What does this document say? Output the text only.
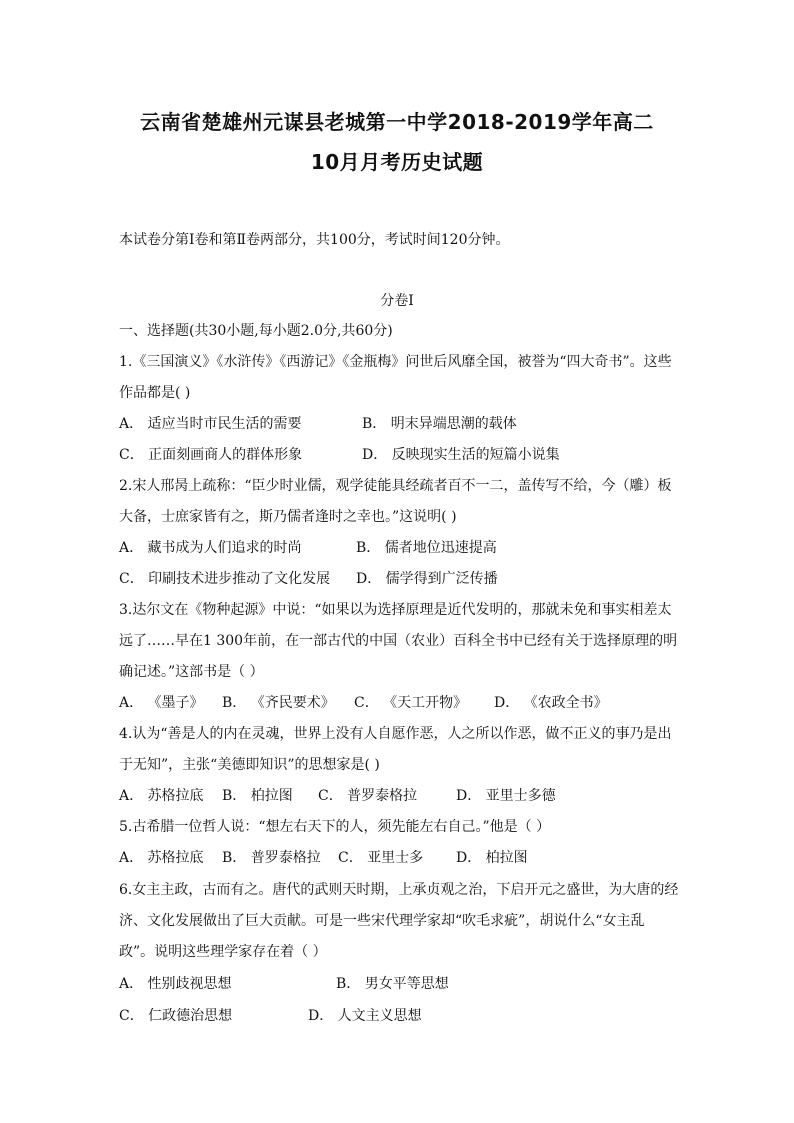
云南省楚雄州元谋县老城第一中学2018-2019学年高二
10月月考历史试题
本试卷分第Ⅰ卷和第Ⅱ卷两部分，共100分，考试时间120分钟。
分卷I
一、选择题(共30小题,每小题2.0分,共60分)
1.《三国演义》《水浒传》《西游记》《金瓶梅》问世后风靡全国，被誉为“四大奇书”。这些
作品都是( )
A． 适应当时市民生活的需要	B． 明末异端思潮的载体
C． 正面刻画商人的群体形象	D． 反映现实生活的短篇小说集
2.宋人邢昺上疏称：“臣少时业儒，观学徒能具经疏者百不一二，盖传写不给，今（雕）板
大备，士庶家皆有之，斯乃儒者逢时之幸也。”这说明( )
A． 藏书成为人们追求的时尚	B． 儒者地位迅速提高
C． 印刷技术进步推动了文化发展 D． 儒学得到广泛传播
3.达尔文在《物种起源》中说：“如果以为选择原理是近代发明的，那就未免和事实相差太
远了……早在1 300年前，在一部古代的中国（农业）百科全书中已经有关于选择原理的明
确记述。”这部书是（ ）
A． 《墨子》 B． 《齐民要术》 C． 《天工开物》 D． 《农政全书》
4.认为“善是人的内在灵魂，世界上没有人自愿作恶，人之所以作恶，做不正义的事乃是出
于无知”，主张“美德即知识”的思想家是( )
A． 苏格拉底 B． 柏拉图 C． 普罗泰格拉	D． 亚里士多德
5.古希腊一位哲人说：“想左右天下的人，须先能左右自己。”他是（ ）
A． 苏格拉底 B． 普罗泰格拉 C． 亚里士多 D． 柏拉图
6.女主主政，古而有之。唐代的武则天时期，上承贞观之治，下启开元之盛世，为大唐的经
济、文化发展做出了巨大贡献。可是一些宋代理学家却“吹毛求疵”，胡说什么“女主乱
政”。说明这些理学家存在着（ ）
A． 性别歧视思想	B． 男女平等思想
C． 仁政德治思想	D． 人文主义思想
